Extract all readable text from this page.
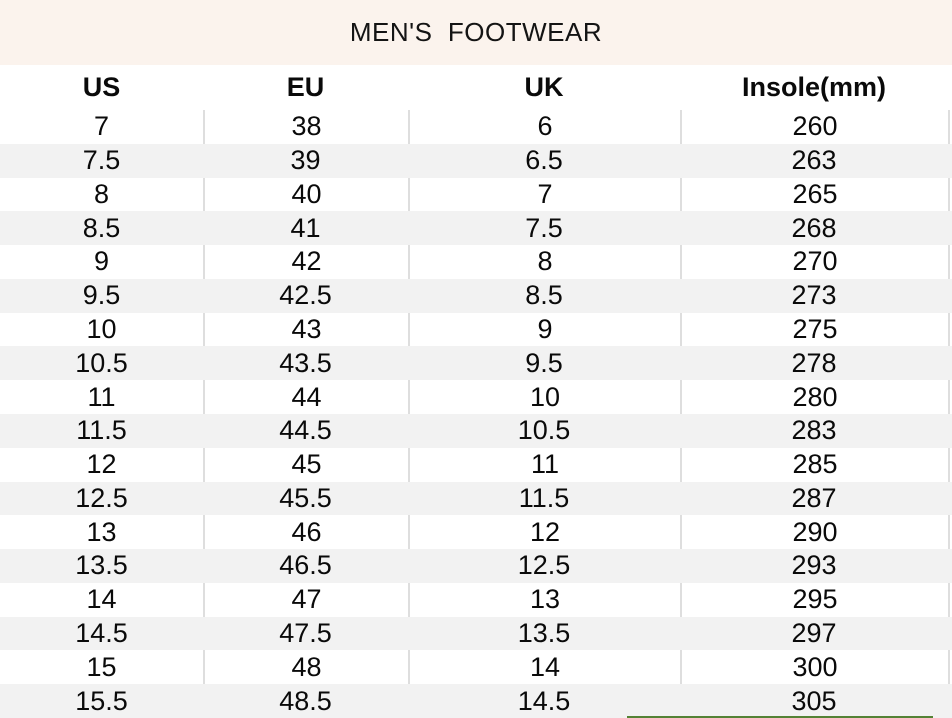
MEN'S  FOOTWEAR
US	EU	UK	Insole(mm)
7	38	6	260
7.5	39	6.5	263
8	40	7	265
8.5	41	7.5	268
9	42	8	270
9.5	42.5	8.5	273
10	43	9	275
10.5	43.5	9.5	278
11	44	10	280
11.5	44.5	10.5	283
12	45	11	285
12.5	45.5	11.5	287
13	46	12	290
13.5	46.5	12.5	293
14	47	13	295
14.5	47.5	13.5	297
15	48	14	300
15.5	48.5	14.5	305
